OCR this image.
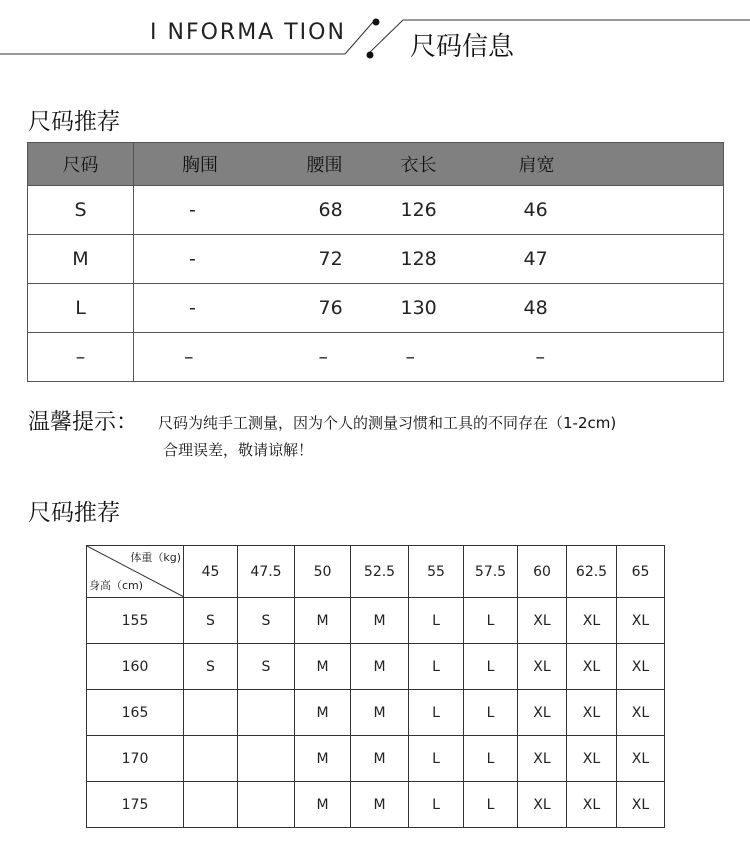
I NFORMA TION 尺码信息
尺码推荐
尺码	胸围	腰围	衣长	肩宽
S	-	68	126	46
M	-	72	128	47
L	-	76	130	48
–	–	–	–	–
温馨提示： 尺码为纯手工测量，因为个人的测量习惯和工具的不同存在（1-2cm)
合理误差，敬请谅解！
尺码推荐
体重（kg)
身高（cm)	45	47.5	50	52.5	55	57.5	60	62.5	65
155	S	S	M	M	L	L	XL	XL	XL
160	S	S	M	M	L	L	XL	XL	XL
165			M	M	L	L	XL	XL	XL
170			M	M	L	L	XL	XL	XL
175			M	M	L	L	XL	XL	XL
